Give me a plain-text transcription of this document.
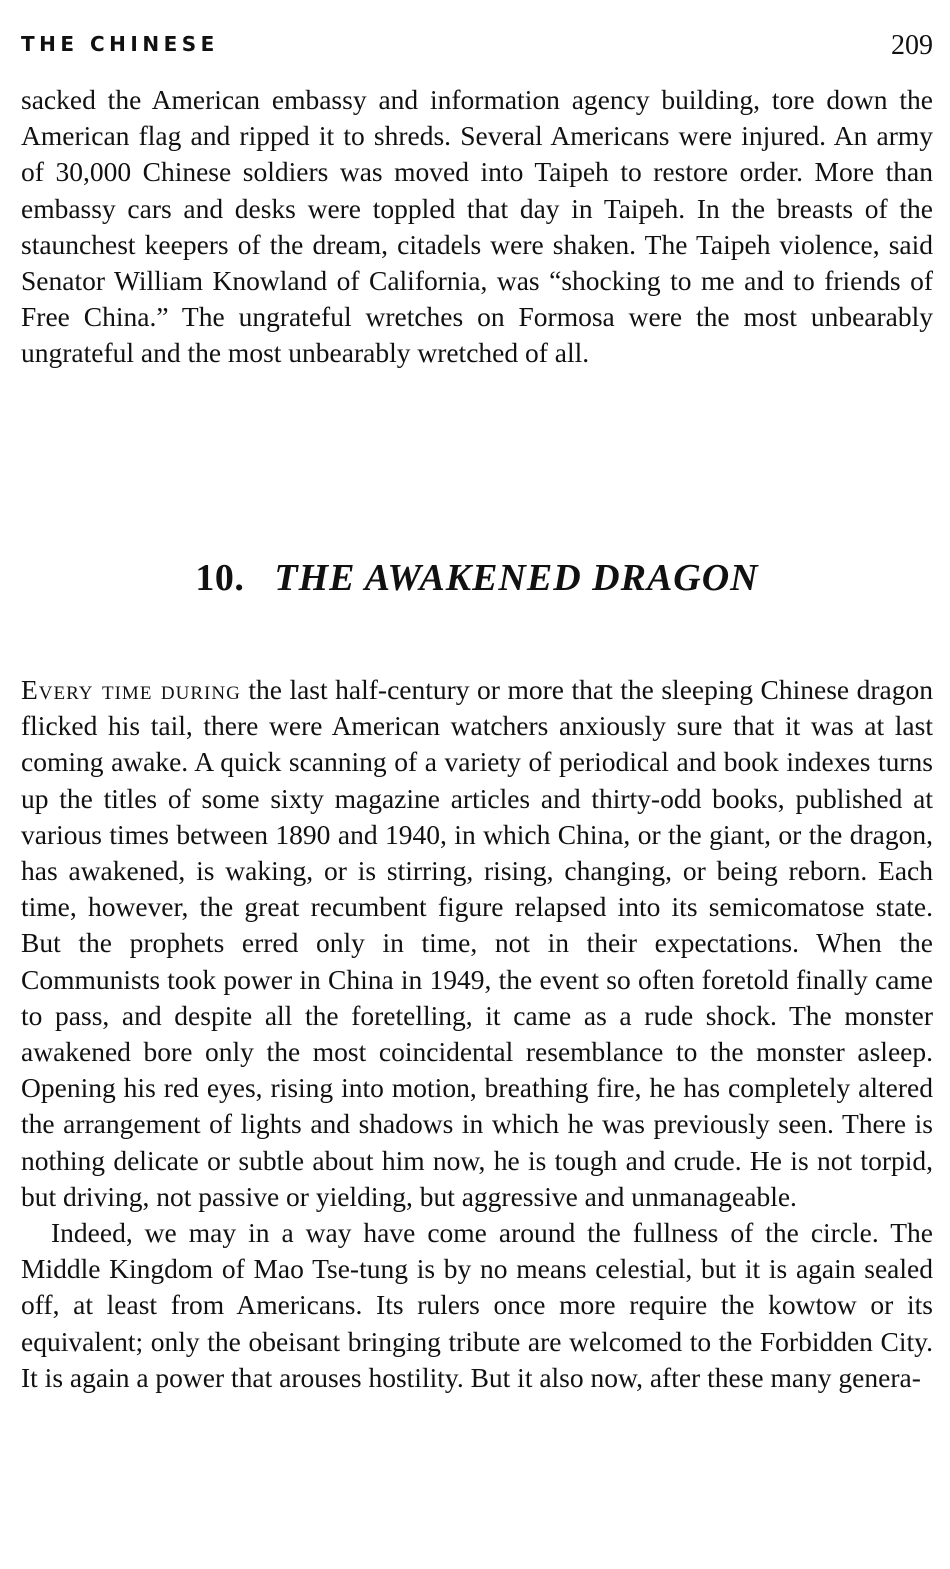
THE CHINESE	209

sacked the American embassy and information agency building, tore down the American flag and ripped it to shreds. Several Americans were injured. An army of 30,000 Chinese soldiers was moved into Taipeh to restore order. More than embassy cars and desks were toppled that day in Taipeh. In the breasts of the staunchest keepers of the dream, citadels were shaken. The Taipeh violence, said Senator William Knowland of California, was “shocking to me and to friends of Free China.” The ungrateful wretches on Formosa were the most unbearably ungrateful and the most unbearably wretched of all.

10. THE AWAKENED DRAGON

Every time during the last half-century or more that the sleeping Chinese dragon flicked his tail, there were American watchers anxiously sure that it was at last coming awake. A quick scanning of a variety of periodical and book indexes turns up the titles of some sixty magazine articles and thirty-odd books, published at various times between 1890 and 1940, in which China, or the giant, or the dragon, has awakened, is waking, or is stirring, rising, changing, or being reborn. Each time, however, the great recumbent figure relapsed into its semicomatose state. But the prophets erred only in time, not in their expectations. When the Communists took power in China in 1949, the event so often foretold finally came to pass, and despite all the foretelling, it came as a rude shock. The monster awakened bore only the most coincidental resemblance to the monster asleep. Opening his red eyes, rising into motion, breathing fire, he has completely altered the arrangement of lights and shadows in which he was previously seen. There is nothing delicate or subtle about him now, he is tough and crude. He is not torpid, but driving, not passive or yielding, but aggressive and unmanageable.

Indeed, we may in a way have come around the fullness of the circle. The Middle Kingdom of Mao Tse-tung is by no means celestial, but it is again sealed off, at least from Americans. Its rulers once more require the kowtow or its equivalent; only the obeisant bringing tribute are welcomed to the Forbidden City. It is again a power that arouses hostility. But it also now, after these many genera-
